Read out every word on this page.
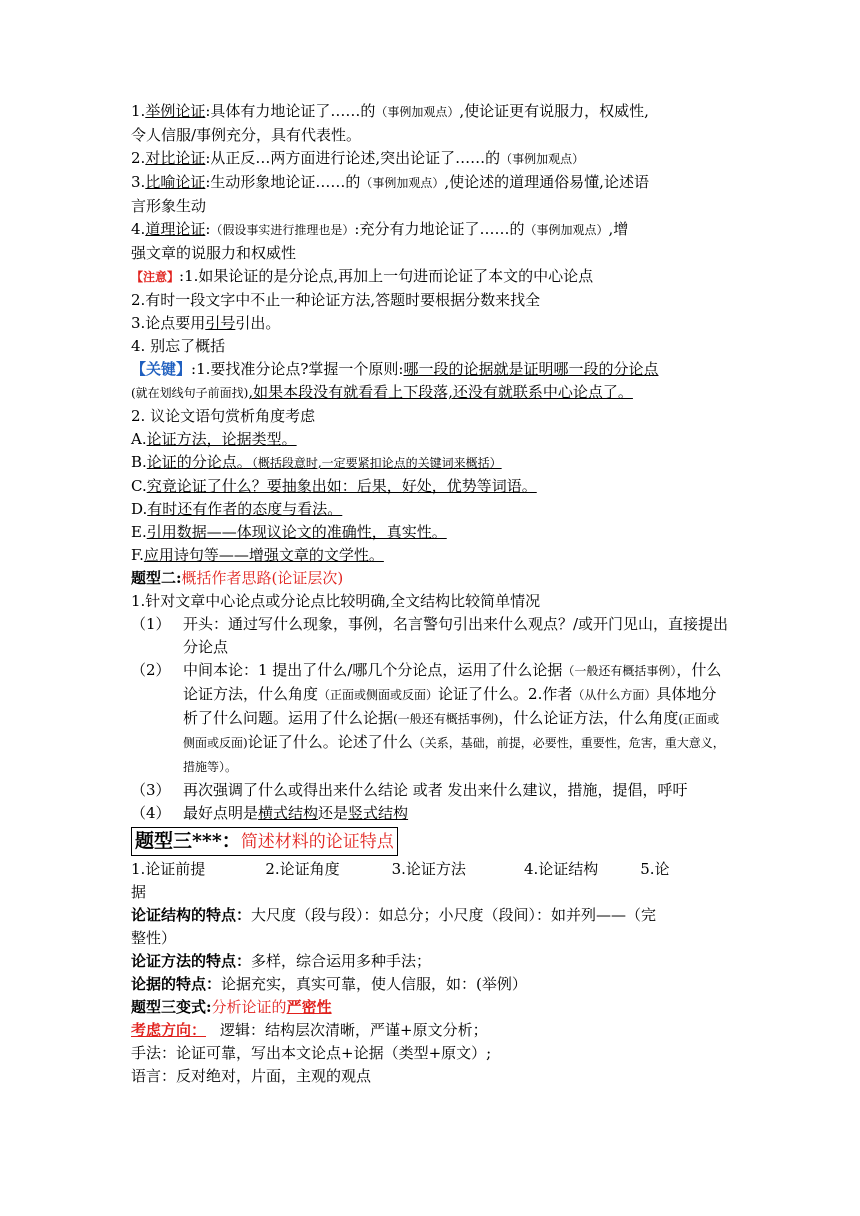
1.举例论证:具体有力地论证了……的（事例加观点）,使论证更有说服力，权威性,
令人信服/事例充分，具有代表性。
2.对比论证:从正反…两方面进行论述,突出论证了……的（事例加观点）
3.比喻论证:生动形象地论证……的（事例加观点）,使论述的道理通俗易懂,论述语
言形象生动
4.道理论证:（假设事实进行推理也是）:充分有力地论证了……的（事例加观点）,增
强文章的说服力和权威性
【注意】:1.如果论证的是分论点,再加上一句进而论证了本文的中心论点
2.有时一段文字中不止一种论证方法,答题时要根据分数来找全
3.论点要用引号引出。
4. 别忘了概括
【关键】:1.要找准分论点?掌握一个原则:哪一段的论据就是证明哪一段的分论点
(就在划线句子前面找),如果本段没有就看看上下段落,还没有就联系中心论点了。
2. 议论文语句赏析角度考虑
A.论证方法，论据类型。
B.论证的分论点。（概括段意时,一定要紧扣论点的关键词来概括）
C.究竟论证了什么？要抽象出如：后果，好处，优势等词语。
D.有时还有作者的态度与看法。
E.引用数据——体现议论文的准确性，真实性。
F.应用诗句等——增强文章的文学性。
题型二:概括作者思路(论证层次)
1.针对文章中心论点或分论点比较明确,全文结构比较简单情况
（1） 开头：通过写什么现象，事例，名言警句引出来什么观点？/或开门见山，直接提出分论点
（2） 中间本论：1 提出了什么/哪几个分论点，运用了什么论据（一般还有概括事例），什么论证方法，什么角度（正面或侧面或反面）论证了什么。2.作者（从什么方面）具体地分析了什么问题。运用了什么论据(一般还有概括事例)，什么论证方法，什么角度(正面或侧面或反面)论证了什么。论述了什么（关系，基础，前提，必要性，重要性，危害，重大意义，措施等）。
（3） 再次强调了什么或得出来什么结论 或者 发出来什么建议，措施，提倡，呼吁
（4） 最好点明是横式结构还是竖式结构
题型三***：简述材料的论证特点
1.论证前提	2.论证角度	3.论证方法	4.论证结构	5.论
据
论证结构的特点：大尺度（段与段）：如总分；小尺度（段间）：如并列——（完
整性）
论证方法的特点：多样，综合运用多种手法；
论据的特点：论据充实，真实可靠，使人信服，如：(举例）
题型三变式:分析论证的严密性
考虑方向： 逻辑：结构层次清晰，严谨+原文分析；
手法：论证可靠，写出本文论点+论据（类型+原文）;
语言：反对绝对，片面，主观的观点
